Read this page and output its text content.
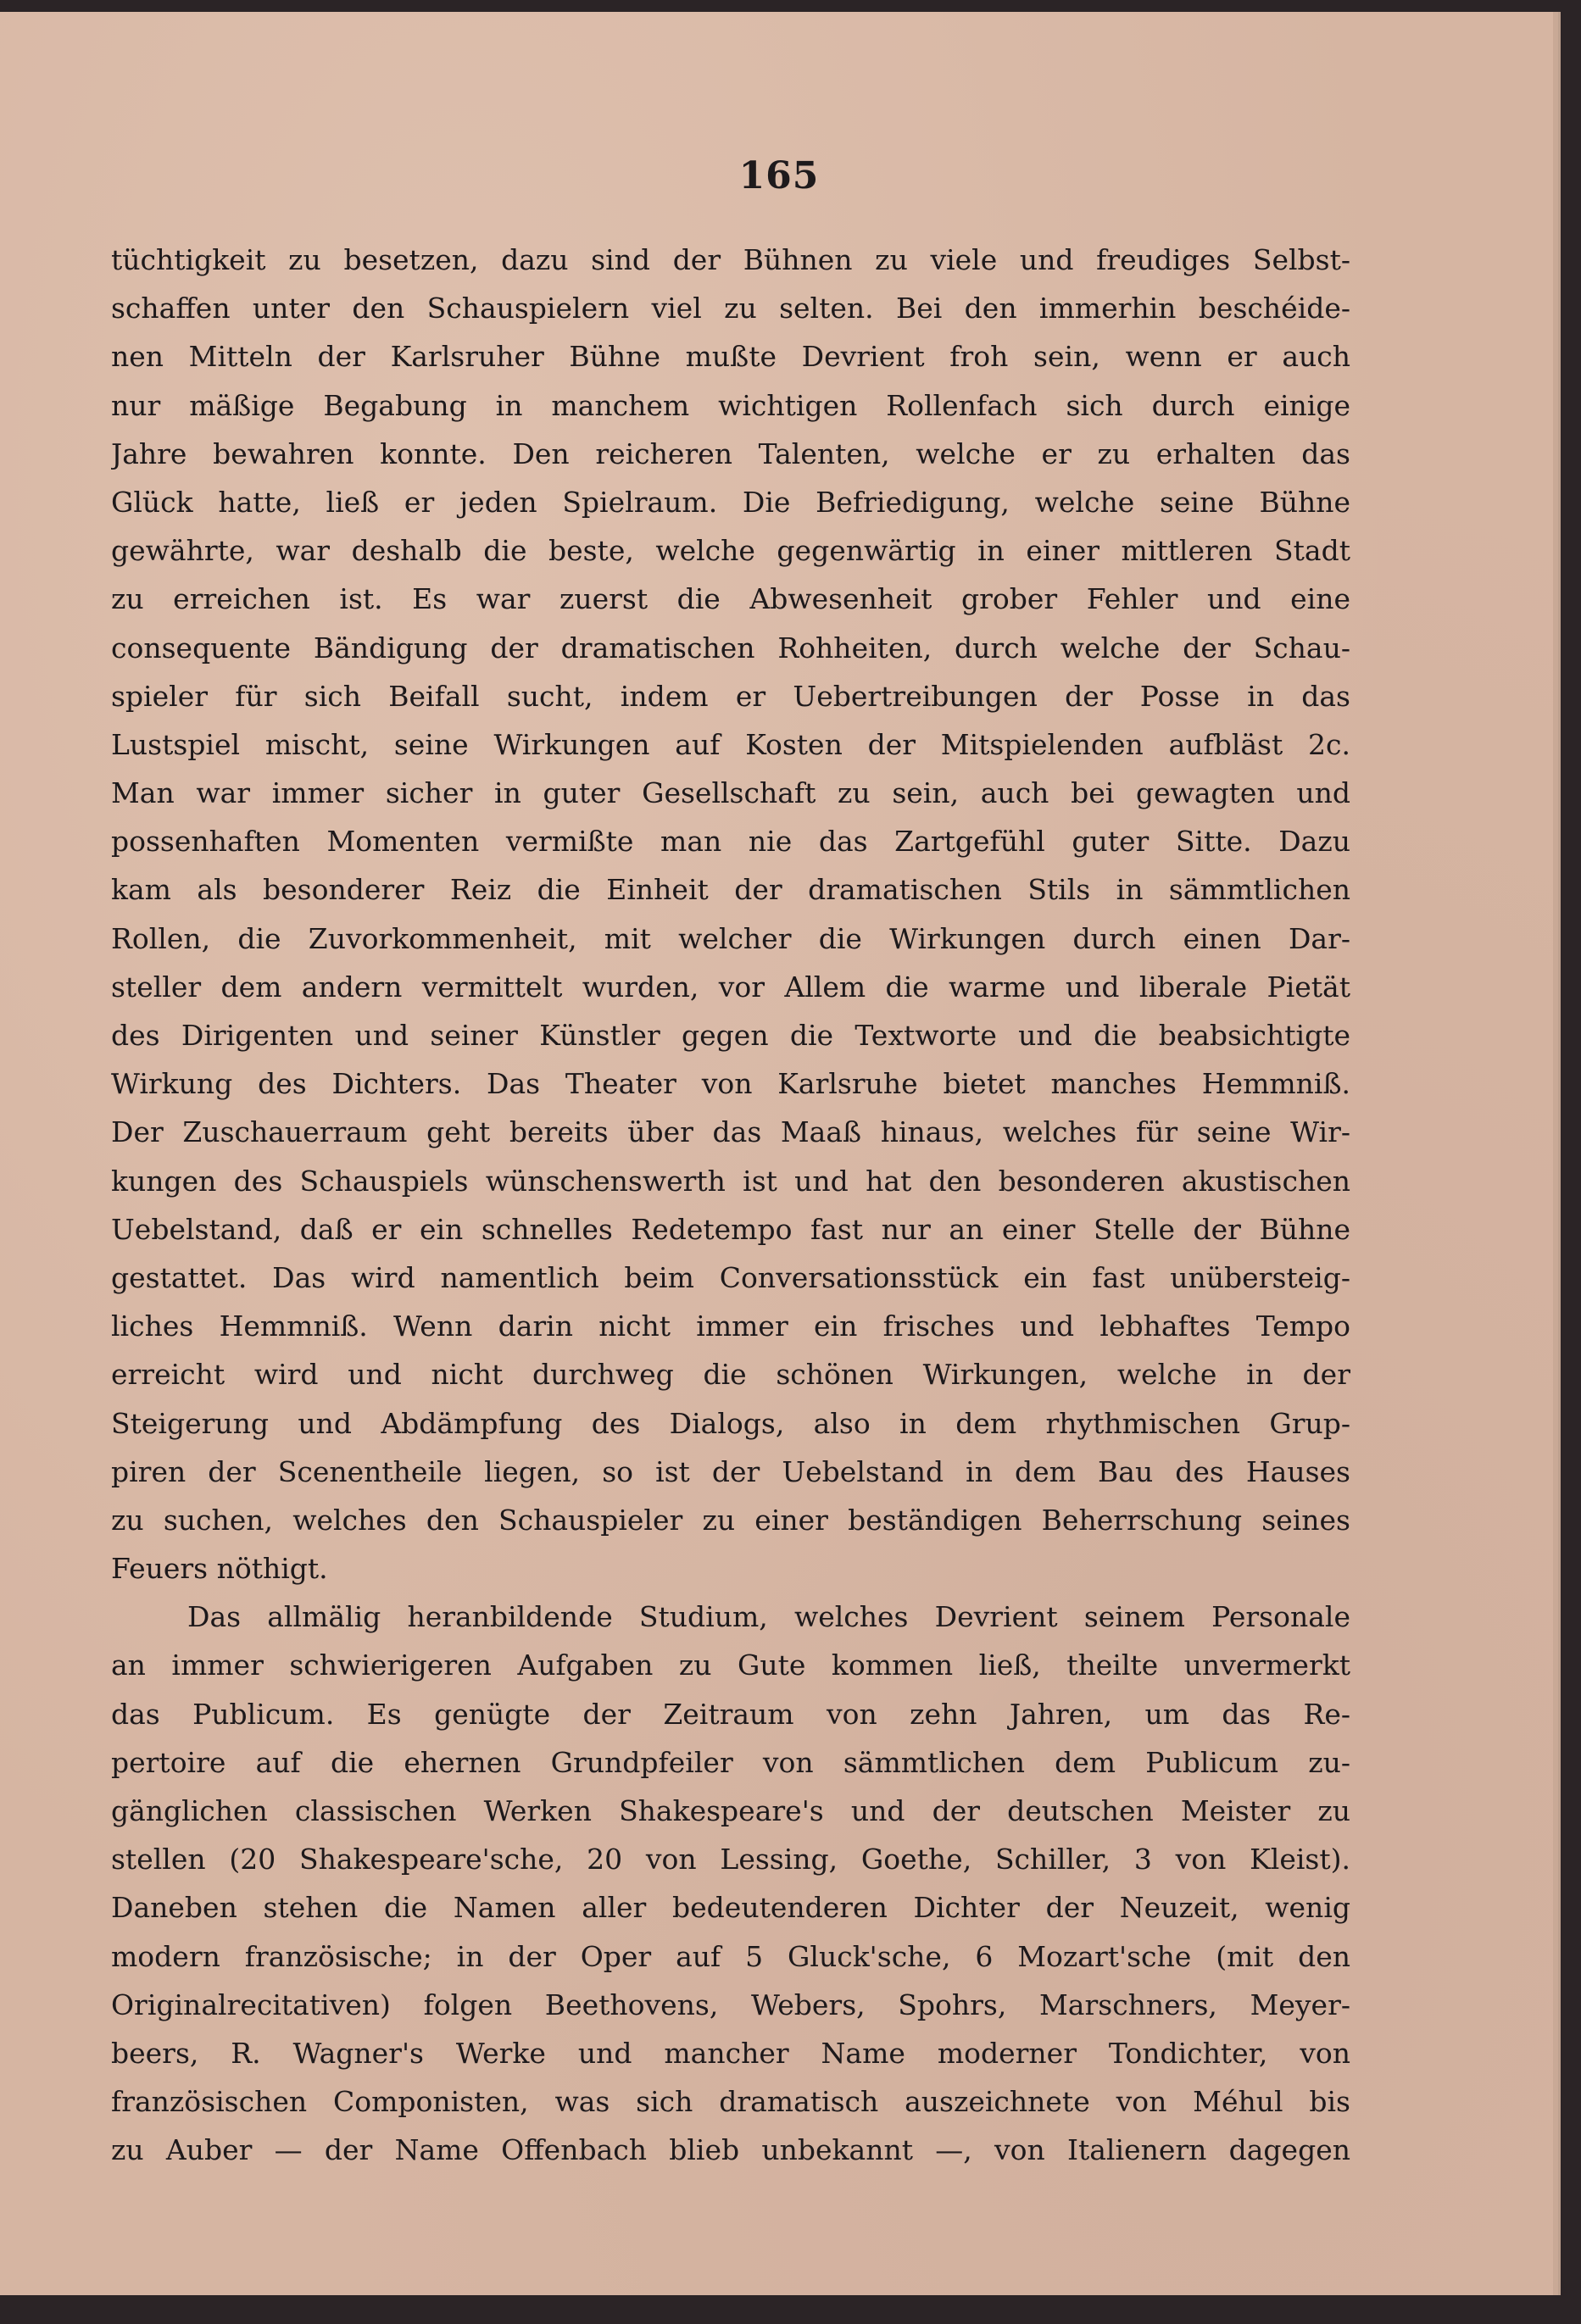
165
tüchtigkeit zu besetzen, dazu sind der Bühnen zu viele und freudiges Selbst-
schaffen unter den Schauspielern viel zu selten. Bei den immerhin beschéide-
nen Mitteln der Karlsruher Bühne mußte Devrient froh sein, wenn er auch
nur mäßige Begabung in manchem wichtigen Rollenfach sich durch einige
Jahre bewahren konnte. Den reicheren Talenten, welche er zu erhalten das
Glück hatte, ließ er jeden Spielraum. Die Befriedigung, welche seine Bühne
gewährte, war deshalb die beste, welche gegenwärtig in einer mittleren Stadt
zu erreichen ist. Es war zuerst die Abwesenheit grober Fehler und eine
consequente Bändigung der dramatischen Rohheiten, durch welche der Schau-
spieler für sich Beifall sucht, indem er Uebertreibungen der Posse in das
Lustspiel mischt, seine Wirkungen auf Kosten der Mitspielenden aufbläst 2c.
Man war immer sicher in guter Gesellschaft zu sein, auch bei gewagten und
possenhaften Momenten vermißte man nie das Zartgefühl guter Sitte. Dazu
kam als besonderer Reiz die Einheit der dramatischen Stils in sämmtlichen
Rollen, die Zuvorkommenheit, mit welcher die Wirkungen durch einen Dar-
steller dem andern vermittelt wurden, vor Allem die warme und liberale Pietät
des Dirigenten und seiner Künstler gegen die Textworte und die beabsichtigte
Wirkung des Dichters. Das Theater von Karlsruhe bietet manches Hemmniß.
Der Zuschauerraum geht bereits über das Maaß hinaus, welches für seine Wir-
kungen des Schauspiels wünschenswerth ist und hat den besonderen akustischen
Uebelstand, daß er ein schnelles Redetempo fast nur an einer Stelle der Bühne
gestattet. Das wird namentlich beim Conversationsstück ein fast unübersteig-
liches Hemmniß. Wenn darin nicht immer ein frisches und lebhaftes Tempo
erreicht wird und nicht durchweg die schönen Wirkungen, welche in der
Steigerung und Abdämpfung des Dialogs, also in dem rhythmischen Grup-
piren der Scenentheile liegen, so ist der Uebelstand in dem Bau des Hauses
zu suchen, welches den Schauspieler zu einer beständigen Beherrschung seines
Feuers nöthigt.
Das allmälig heranbildende Studium, welches Devrient seinem Personale
an immer schwierigeren Aufgaben zu Gute kommen ließ, theilte unvermerkt
das Publicum. Es genügte der Zeitraum von zehn Jahren, um das Re-
pertoire auf die ehernen Grundpfeiler von sämmtlichen dem Publicum zu-
gänglichen classischen Werken Shakespeare's und der deutschen Meister zu
stellen (20 Shakespeare'sche, 20 von Lessing, Goethe, Schiller, 3 von Kleist).
Daneben stehen die Namen aller bedeutenderen Dichter der Neuzeit, wenig
modern französische; in der Oper auf 5 Gluck'sche, 6 Mozart'sche (mit den
Originalrecitativen) folgen Beethovens, Webers, Spohrs, Marschners, Meyer-
beers, R. Wagner's Werke und mancher Name moderner Tondichter, von
französischen Componisten, was sich dramatisch auszeichnete von Méhul bis
zu Auber — der Name Offenbach blieb unbekannt —, von Italienern dagegen
